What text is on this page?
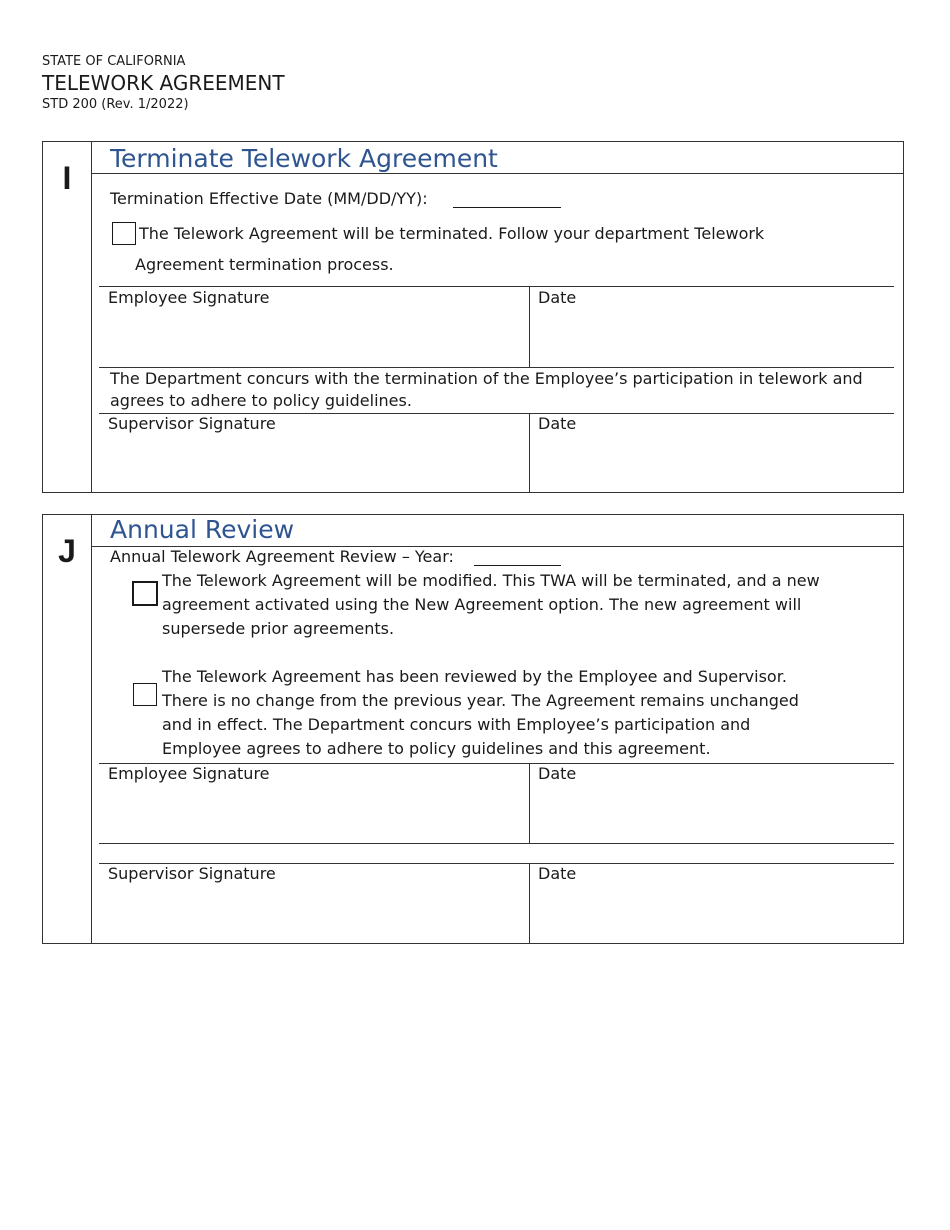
STATE OF CALIFORNIA
TELEWORK AGREEMENT
STD 200 (Rev. 1/2022)
I
Terminate Telework Agreement
Termination Effective Date (MM/DD/YY):
The Telework Agreement will be terminated. Follow your department Telework
Agreement termination process.
Employee Signature	Date
The Department concurs with the termination of the Employee’s participation in telework and
agrees to adhere to policy guidelines.
Supervisor Signature	Date
J
Annual Review
Annual Telework Agreement Review – Year:
The Telework Agreement will be modified. This TWA will be terminated, and a new
agreement activated using the New Agreement option. The new agreement will
supersede prior agreements.
The Telework Agreement has been reviewed by the Employee and Supervisor.
There is no change from the previous year. The Agreement remains unchanged
and in effect. The Department concurs with Employee’s participation and
Employee agrees to adhere to policy guidelines and this agreement.
Employee Signature	Date
Supervisor Signature	Date
